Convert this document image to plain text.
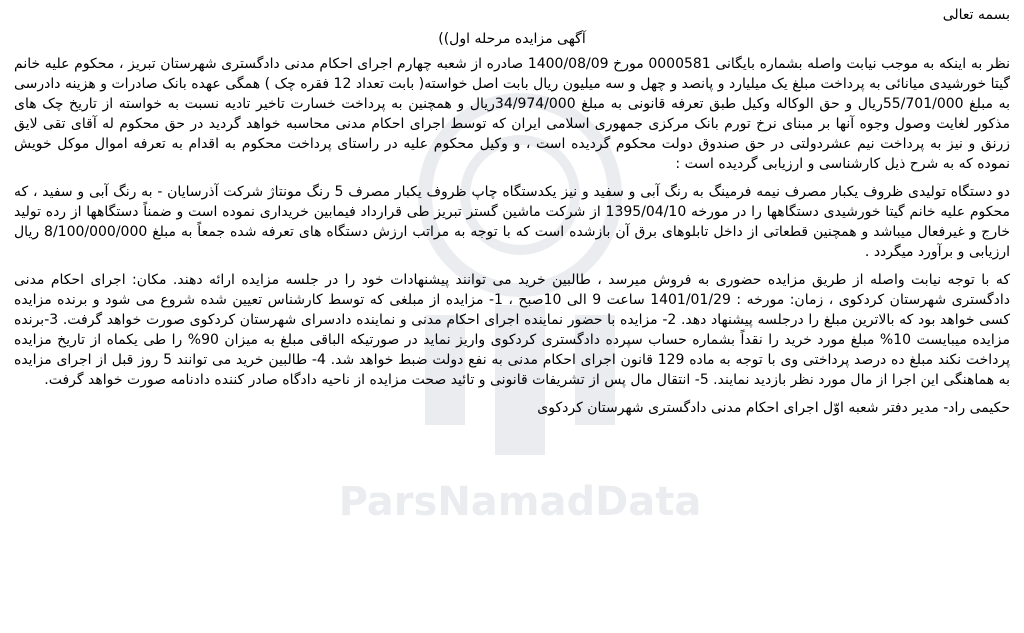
ParsNamadData
بسمه تعالی
آگهی مزایده مرحله اول))

نظر به اینکه به موجب نیابت واصله بشماره بایگانی 0000581 مورخ 1400/08/09 صادره از شعبه چهارم اجرای احکام مدنی دادگستری شهرستان تبریز ، محکوم علیه خانم گیتا خورشیدی میانائی به پرداخت مبلغ یک میلیارد و پانصد و چهل و سه میلیون ریال بابت اصل خواسته( بابت تعداد 12 فقره چک ) همگی عهده بانک صادرات و هزینه دادرسی به مبلغ 55/701/000ریال و حق الوکاله وکیل طبق تعرفه قانونی به مبلغ 34/974/000ریال و همچنین به پرداخت خسارت تاخیر تادیه نسبت به خواسته از تاریخ چک های مذکور لغایت وصول وجوه آنها بر مبنای نرخ تورم بانک مرکزی جمهوری اسلامی ایران که توسط اجرای احکام مدنی محاسبه خواهد گردید در حق محکوم له آقای تقی لایق زرنق و نیز به پرداخت نیم عشردولتی در حق صندوق دولت محکوم گردیده است ، و وکیل محکوم علیه در راستای پرداخت محکوم به اقدام به تعرفه اموال موکل خویش نموده که به شرح ذیل کارشناسی و ارزیابی گردیده است :

دو دستگاه تولیدی ظروف یکبار مصرف نیمه فرمینگ به رنگ آبی و سفید و نیز یکدستگاه چاپ ظروف یکبار مصرف 5 رنگ مونتاژ شرکت آذرسایان - به رنگ آبی و سفید ، که محکوم علیه خانم گیتا خورشیدی دستگاهها را در مورخه 1395/04/10 از شرکت ماشین گستر تبریز طی قرارداد فیمابین خریداری نموده است و ضمناً دستگاهها از رده تولید خارج و غیرفعال میباشد و همچنین قطعاتی از داخل تابلوهای برق آن بازشده است که با توجه به مراتب ارزش دستگاه های تعرفه شده جمعاً به مبلغ 8/100/000/000 ریال ارزیابی و برآورد میگردد .

که با توجه نیابت واصله از طریق مزایده حضوری به فروش میرسد ، طالبین خرید می توانند پیشنهادات خود را در جلسه مزایده ارائه دهند. مکان: اجرای احکام مدنی دادگستری شهرستان کردکوی ، زمان: مورخه : 1401/01/29 ساعت 9 الی 10صبح ، 1- مزایده از مبلغی که توسط کارشناس تعیین شده شروع می شود و برنده مزایده کسی خواهد بود که بالاترین مبلغ را درجلسه پیشنهاد دهد. 2- مزایده با حضور نماینده اجرای احکام مدنی و نماینده دادسرای شهرستان کردکوی صورت خواهد گرفت. 3-برنده مزایده میبایست 10% مبلغ مورد خرید را نقداً بشماره حساب سپرده دادگستری کردکوی واریز نماید در صورتیکه الباقی مبلغ به میزان 90% را طی یکماه از تاریخ مزایده پرداخت نکند مبلغ ده درصد پرداختی وی با توجه به ماده 129 قانون اجرای احکام مدنی به نفع دولت ضبط خواهد شد. 4- طالبین خرید می توانند 5 روز قبل از اجرای مزایده به هماهنگی این اجرا از مال مورد نظر بازدید نمایند. 5- انتقال مال پس از تشریفات قانونی و تائید صحت مزایده از ناحیه دادگاه صادر کننده دادنامه صورت خواهد گرفت.

حکیمی راد- مدیر دفتر شعبه اوّل اجرای احکام مدنی دادگستری شهرستان کردکوی
